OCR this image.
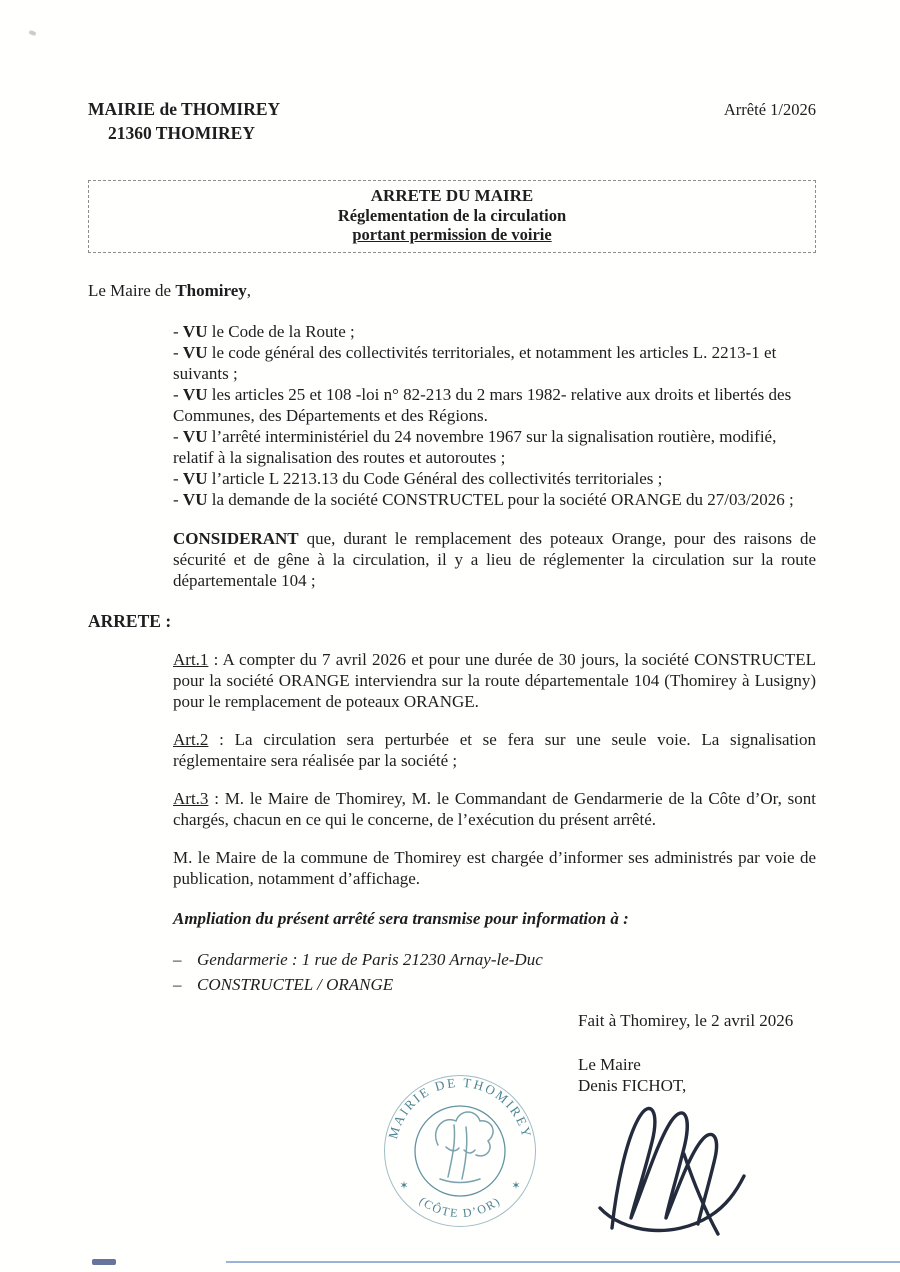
MAIRIE de THOMIREY
21360 THOMIREY
Arrêté 1/2026
ARRETE DU MAIRE
Réglementation de la circulation
portant permission de voirie

Le Maire de Thomirey,

- VU le Code de la Route ;

- VU le code général des collectivités territoriales, et notamment les articles L. 2213-1 et suivants ;

- VU les articles 25 et 108 -loi n° 82-213 du 2 mars 1982- relative aux droits et libertés des Communes, des Départements et des Régions.

- VU l’arrêté interministériel du 24 novembre 1967 sur la signalisation routière, modifié, relatif à la signalisation des routes et autoroutes ;

- VU l’article L 2213.13 du Code Général des collectivités territoriales ;

- VU la demande de la société CONSTRUCTEL pour la société ORANGE du 27/03/2026 ;

CONSIDERANT que, durant le remplacement des poteaux Orange, pour des raisons de sécurité et de gêne à la circulation, il y a lieu de réglementer la circulation sur la route départementale 104 ;

ARRETE :

Art.1 : A compter du 7 avril 2026 et pour une durée de 30 jours, la société CONSTRUCTEL pour la société ORANGE interviendra sur la route départementale 104 (Thomirey à Lusigny) pour le remplacement de poteaux ORANGE.

Art.2 : La circulation sera perturbée et se fera sur une seule voie. La signalisation réglementaire sera réalisée par la société ;

Art.3 : M. le Maire de Thomirey, M. le Commandant de Gendarmerie de la Côte d’Or, sont chargés, chacun en ce qui le concerne, de l’exécution du présent arrêté.

M. le Maire de la commune de Thomirey est chargée d’informer ses administrés par voie de publication, notamment d’affichage.

Ampliation du présent arrêté sera transmise pour information à :

– Gendarmerie : 1 rue de Paris 21230 Arnay-le-Duc
– CONSTRUCTEL / ORANGE

Fait à Thomirey, le 2 avril 2026

Le Maire

Denis FICHOT,

MAIRIE DE THOMIREY
(CÔTE D’OR)
✶	✶
